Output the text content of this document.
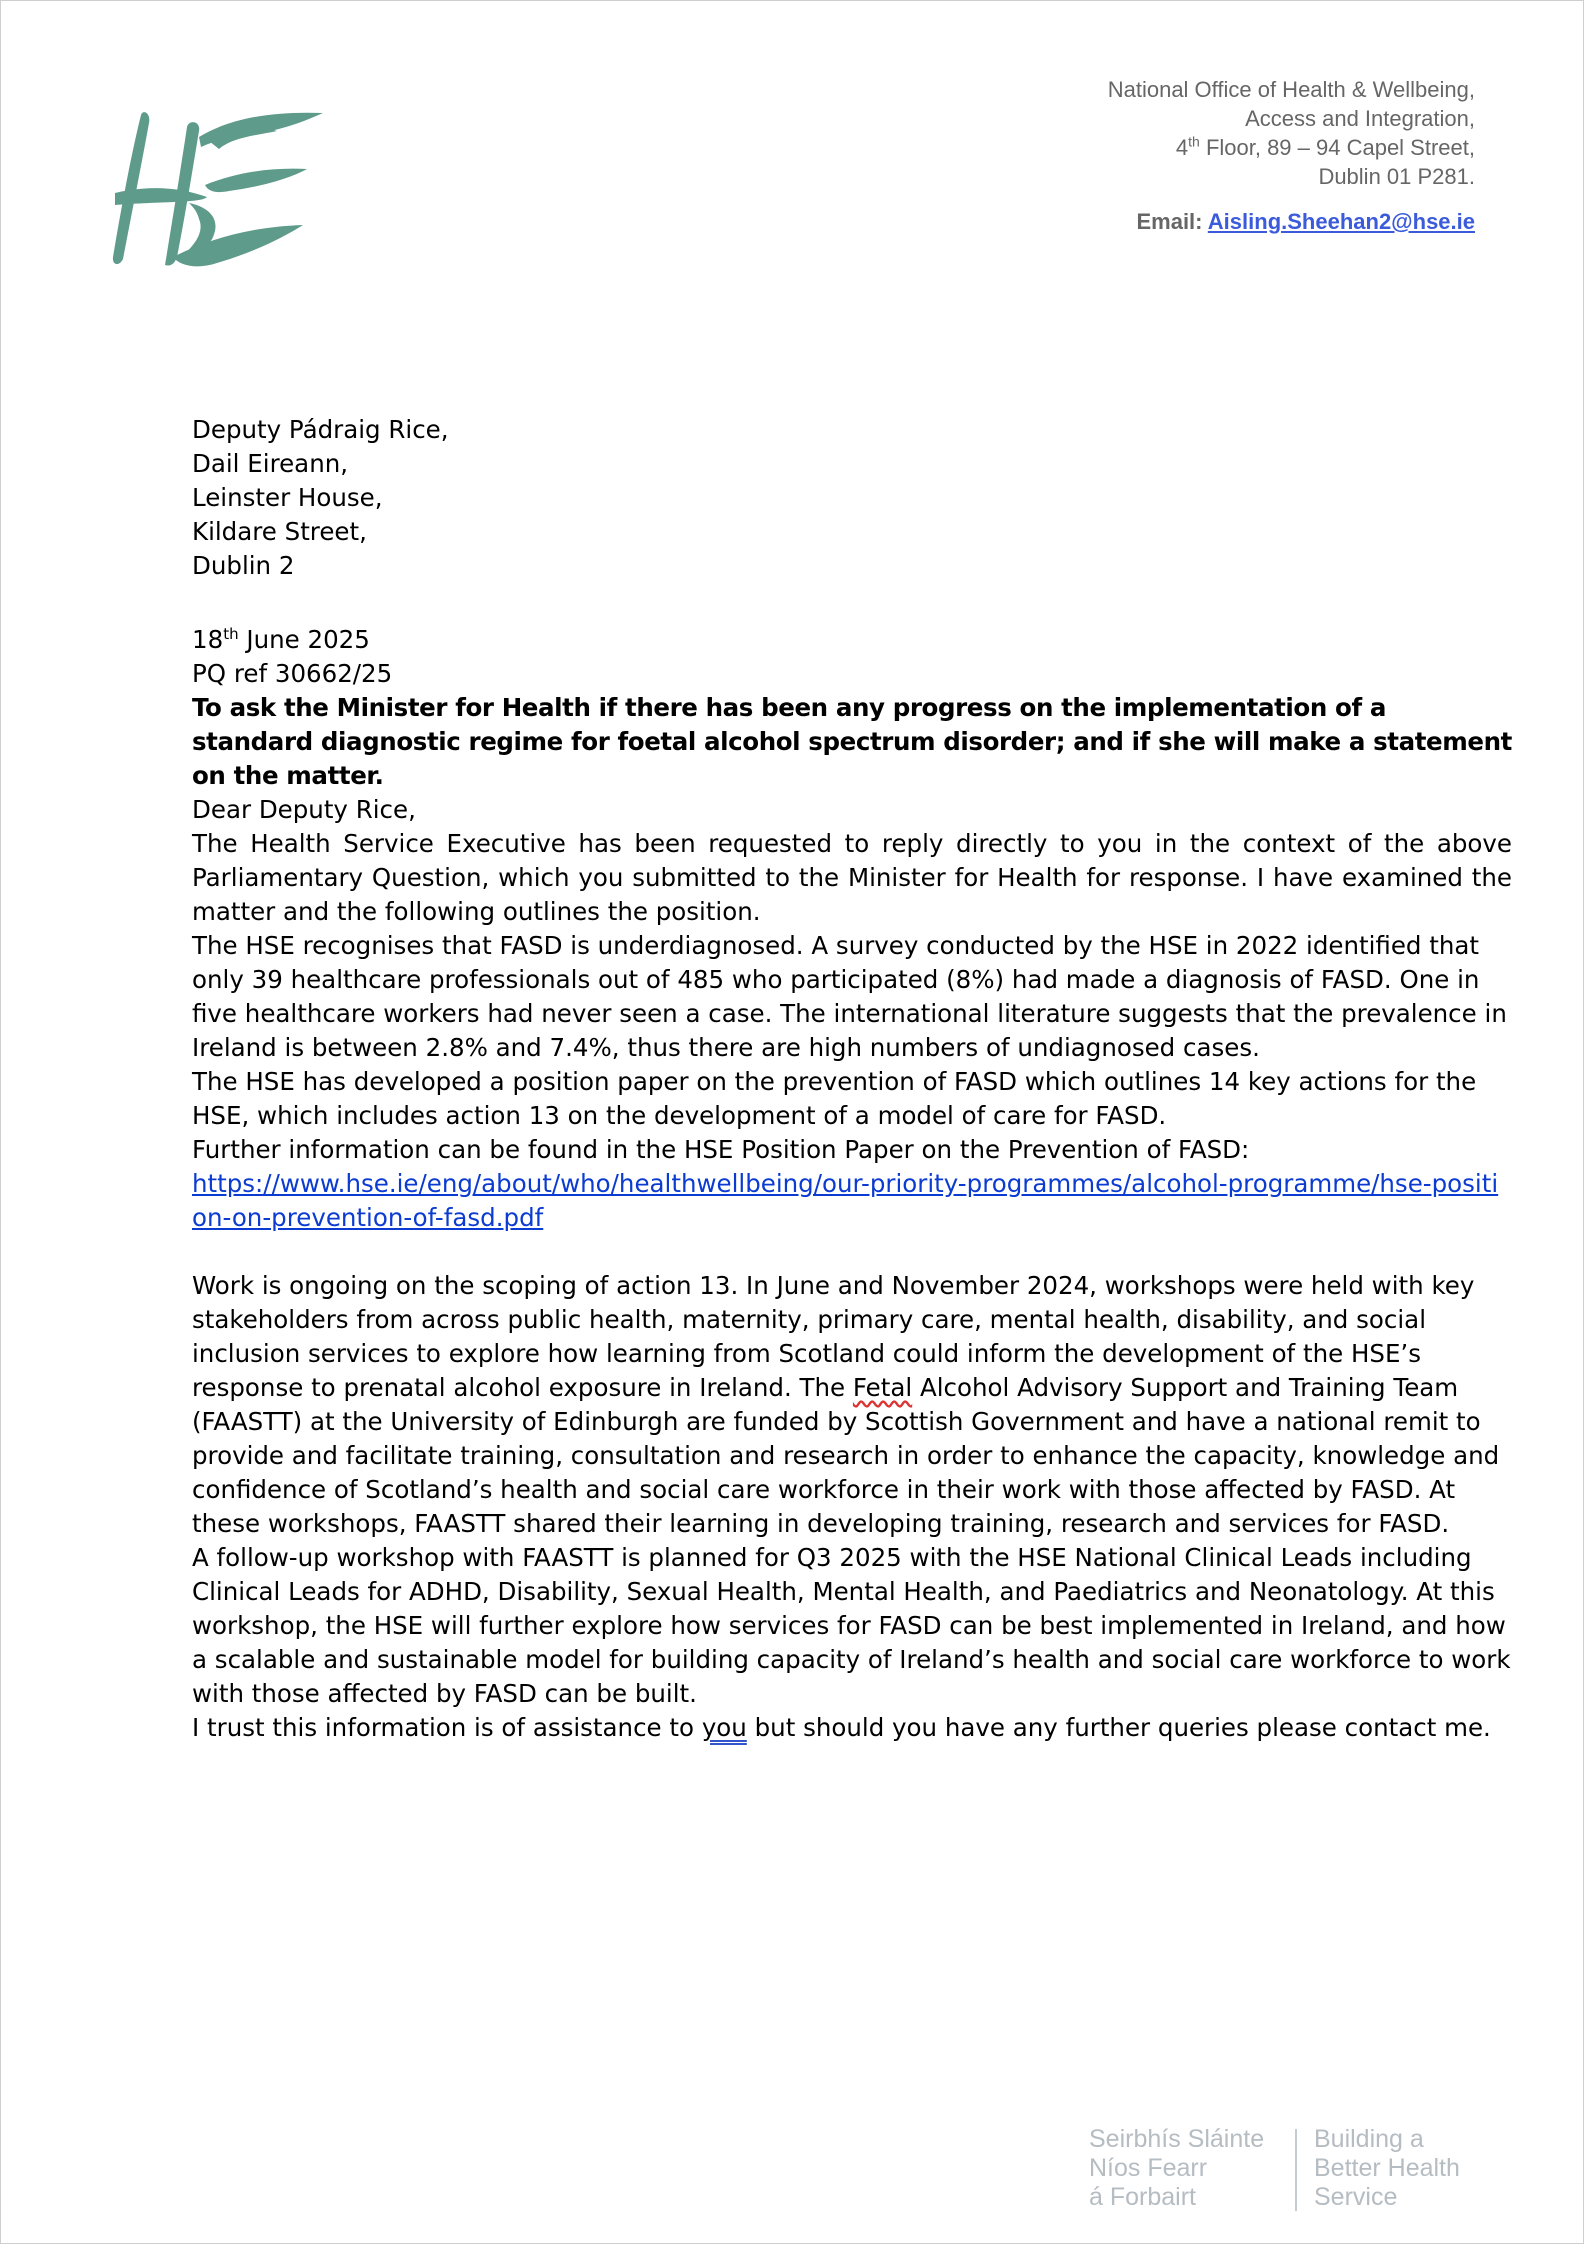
National Office of Health & Wellbeing,
Access and Integration,
4th Floor, 89 – 94 Capel Street,
Dublin 01 P281.
Email: Aisling.Sheehan2@hse.ie
Deputy Pádraig Rice,
Dail Eireann,
Leinster House,
Kildare Street,
Dublin 2

18th June 2025

PQ ref 30662/25

To ask the Minister for Health if there has been any progress on the implementation of a standard diagnostic regime for foetal alcohol spectrum disorder; and if she will make a statement on the matter.

Dear Deputy Rice,

The Health Service Executive has been requested to reply directly to you in the context of the above Parliamentary Question, which you submitted to the Minister for Health for response. I have examined the matter and the following outlines the position.

The HSE recognises that FASD is underdiagnosed. A survey conducted by the HSE in 2022 identified that only 39 healthcare professionals out of 485 who participated (8%) had made a diagnosis of FASD. One in five healthcare workers had never seen a case. The international literature suggests that the prevalence in Ireland is between 2.8% and 7.4%, thus there are high numbers of undiagnosed cases.

The HSE has developed a position paper on the prevention of FASD which outlines 14 key actions for the HSE, which includes action 13 on the development of a model of care for FASD.

Further information can be found in the HSE Position Paper on the Prevention of FASD:
https://www.hse.ie/eng/about/who/healthwellbeing/our-priority-programmes/alcohol-programme/hse-position-on-prevention-of-fasd.pdf

Work is ongoing on the scoping of action 13. In June and November 2024, workshops were held with key stakeholders from across public health, maternity, primary care, mental health, disability, and social inclusion services to explore how learning from Scotland could inform the development of the HSE’s response to prenatal alcohol exposure in Ireland. The Fetal Alcohol Advisory Support and Training Team (FAASTT) at the University of Edinburgh are funded by Scottish Government and have a national remit to provide and facilitate training, consultation and research in order to enhance the capacity, knowledge and confidence of Scotland’s health and social care workforce in their work with those affected by FASD. At these workshops, FAASTT shared their learning in developing training, research and services for FASD.

A follow-up workshop with FAASTT is planned for Q3 2025 with the HSE National Clinical Leads including Clinical Leads for ADHD, Disability, Sexual Health, Mental Health, and Paediatrics and Neonatology. At this workshop, the HSE will further explore how services for FASD can be best implemented in Ireland, and how a scalable and sustainable model for building capacity of Ireland’s health and social care workforce to work with those affected by FASD can be built.

I trust this information is of assistance to you but should you have any further queries please contact me.

Seirbhís Sláinte
Níos Fearr
á Forbairt
Building a
Better Health
Service
